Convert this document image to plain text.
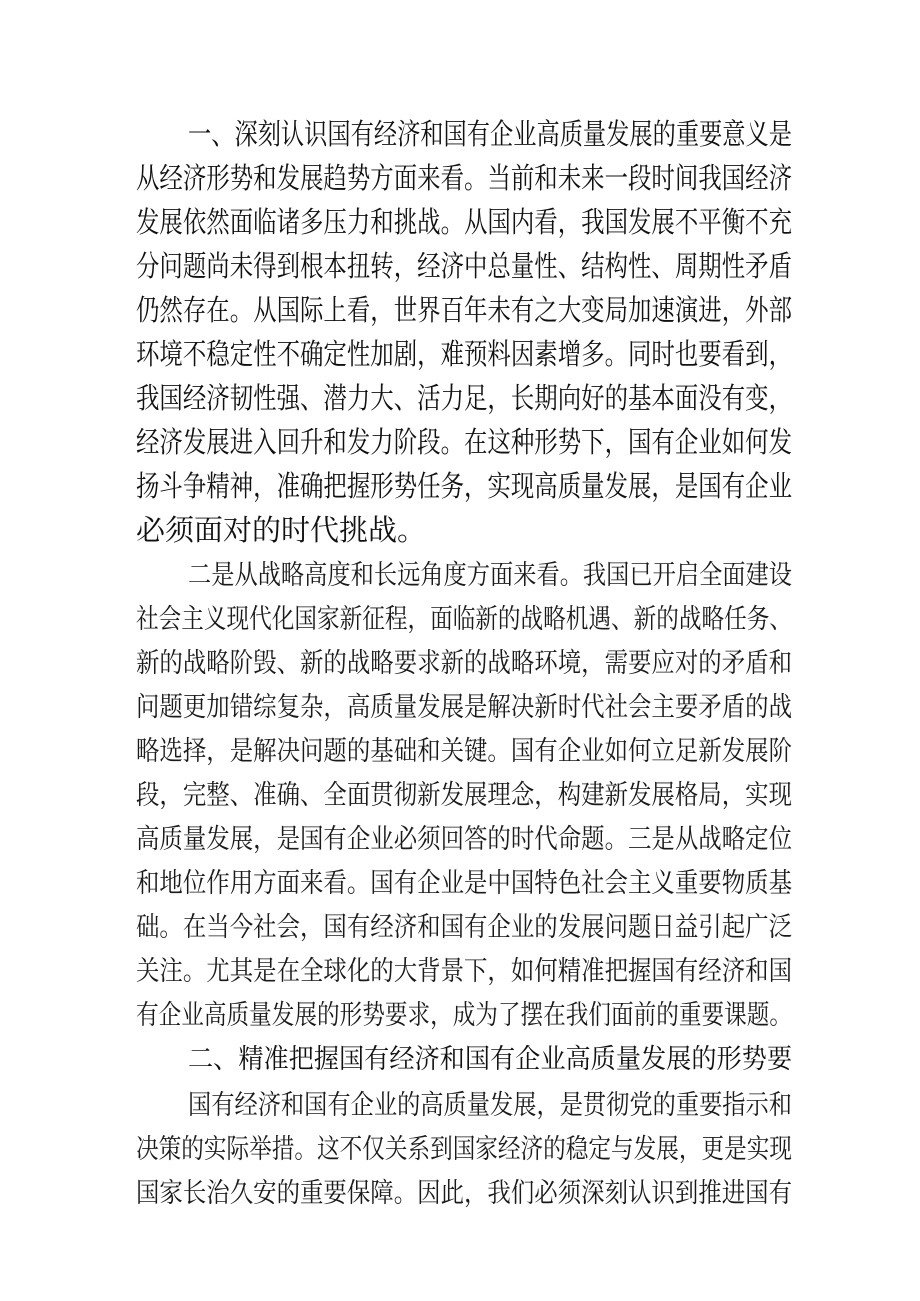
一、深刻认识国有经济和国有企业高质量发展的重要意义是
从经济形势和发展趋势方面来看。当前和未来一段时间我国经济
发展依然面临诸多压力和挑战。从国内看，我国发展不平衡不充
分问题尚未得到根本扭转，经济中总量性、结构性、周期性矛盾
仍然存在。从国际上看，世界百年未有之大变局加速演进，外部
环境不稳定性不确定性加剧，难预料因素增多。同时也要看到，
我国经济韧性强、潜力大、活力足，长期向好的基本面没有变，
经济发展进入回升和发力阶段。在这种形势下，国有企业如何发
扬斗争精神，准确把握形势任务，实现高质量发展，是国有企业
必须面对的时代挑战。
二是从战略高度和长远角度方面来看。我国已开启全面建设
社会主义现代化国家新征程，面临新的战略机遇、新的战略任务、
新的战略阶毁、新的战略要求新的战略环境，需要应对的矛盾和
问题更加错综复杂，高质量发展是解决新时代社会主要矛盾的战
略选择，是解决问题的基础和关键。国有企业如何立足新发展阶
段，完整、准确、全面贯彻新发展理念，构建新发展格局，实现
高质量发展，是国有企业必须回答的时代命题。三是从战略定位
和地位作用方面来看。国有企业是中国特色社会主义重要物质基
础。在当今社会，国有经济和国有企业的发展问题日益引起广泛
关注。尤其是在全球化的大背景下，如何精准把握国有经济和国
有企业高质量发展的形势要求，成为了摆在我们面前的重要课题。
二、精准把握国有经济和国有企业高质量发展的形势要
国有经济和国有企业的高质量发展，是贯彻党的重要指示和
决策的实际举措。这不仅关系到国家经济的稳定与发展，更是实现
国家长治久安的重要保障。因此，我们必须深刻认识到推进国有
